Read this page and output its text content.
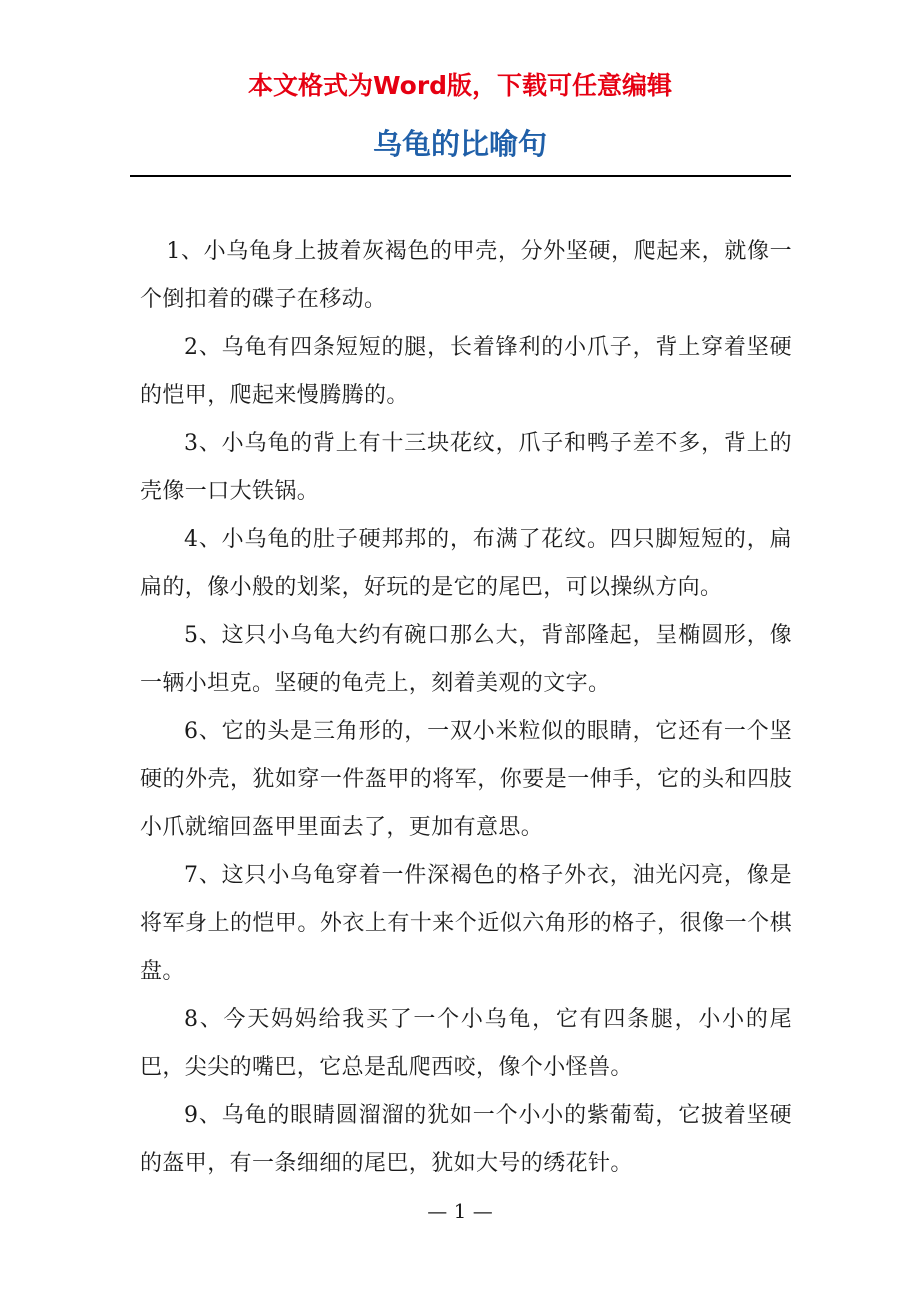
本文格式为Word版，下载可任意编辑
乌龟的比喻句

1、小乌龟身上披着灰褐色的甲壳，分外坚硬，爬起来，就像一个倒扣着的碟子在移动。

2、乌龟有四条短短的腿，长着锋利的小爪子，背上穿着坚硬的恺甲，爬起来慢腾腾的。

3、小乌龟的背上有十三块花纹，爪子和鸭子差不多，背上的壳像一口大铁锅。

4、小乌龟的肚子硬邦邦的，布满了花纹。四只脚短短的，扁扁的，像小般的划桨，好玩的是它的尾巴，可以操纵方向。

5、这只小乌龟大约有碗口那么大，背部隆起，呈椭圆形，像一辆小坦克。坚硬的龟壳上，刻着美观的文字。

6、它的头是三角形的，一双小米粒似的眼睛，它还有一个坚硬的外壳，犹如穿一件盔甲的将军，你要是一伸手，它的头和四肢小爪就缩回盔甲里面去了，更加有意思。

7、这只小乌龟穿着一件深褐色的格子外衣，油光闪亮，像是将军身上的恺甲。外衣上有十来个近似六角形的格子，很像一个棋盘。

8、今天妈妈给我买了一个小乌龟，它有四条腿，小小的尾巴，尖尖的嘴巴，它总是乱爬西咬，像个小怪兽。

9、乌龟的眼睛圆溜溜的犹如一个小小的紫葡萄，它披着坚硬的盔甲，有一条细细的尾巴，犹如大号的绣花针。

— 1 —
